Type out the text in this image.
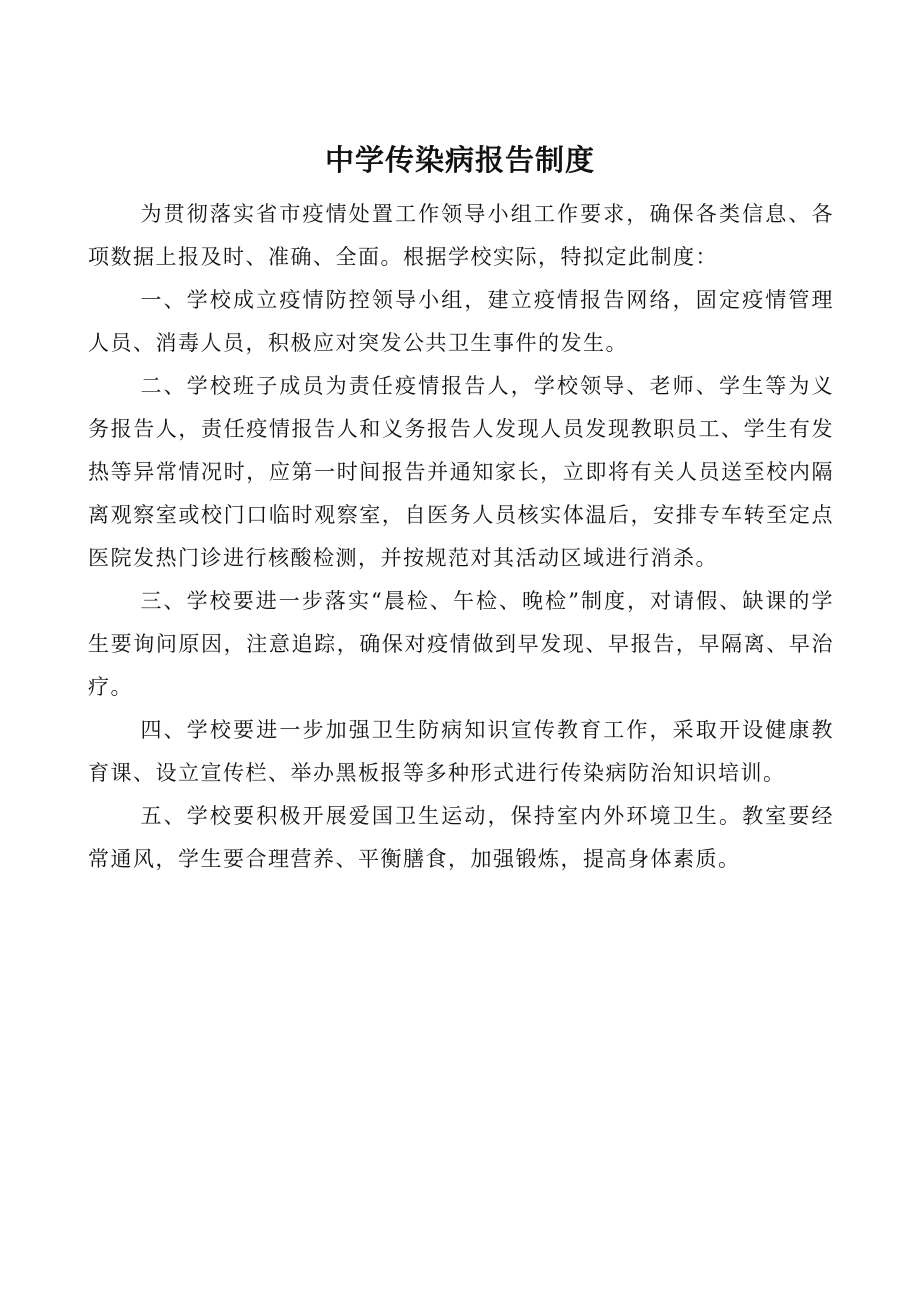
中学传染病报告制度

为贯彻落实省市疫情处置工作领导小组工作要求，确保各类信息、各项数据上报及时、准确、全面。根据学校实际，特拟定此制度：

一、学校成立疫情防控领导小组，建立疫情报告网络，固定疫情管理人员、消毒人员，积极应对突发公共卫生事件的发生。

二、学校班子成员为责任疫情报告人，学校领导、老师、学生等为义务报告人，责任疫情报告人和义务报告人发现人员发现教职员工、学生有发热等异常情况时，应第一时间报告并通知家长，立即将有关人员送至校内隔离观察室或校门口临时观察室，自医务人员核实体温后，安排专车转至定点医院发热门诊进行核酸检测，并按规范对其活动区域进行消杀。

三、学校要进一步落实“晨检、午检、晚检”制度，对请假、缺课的学生要询问原因，注意追踪，确保对疫情做到早发现、早报告，早隔离、早治疗。

四、学校要进一步加强卫生防病知识宣传教育工作，采取开设健康教育课、设立宣传栏、举办黑板报等多种形式进行传染病防治知识培训。

五、学校要积极开展爱国卫生运动，保持室内外环境卫生。教室要经常通风，学生要合理营养、平衡膳食，加强锻炼，提高身体素质。
